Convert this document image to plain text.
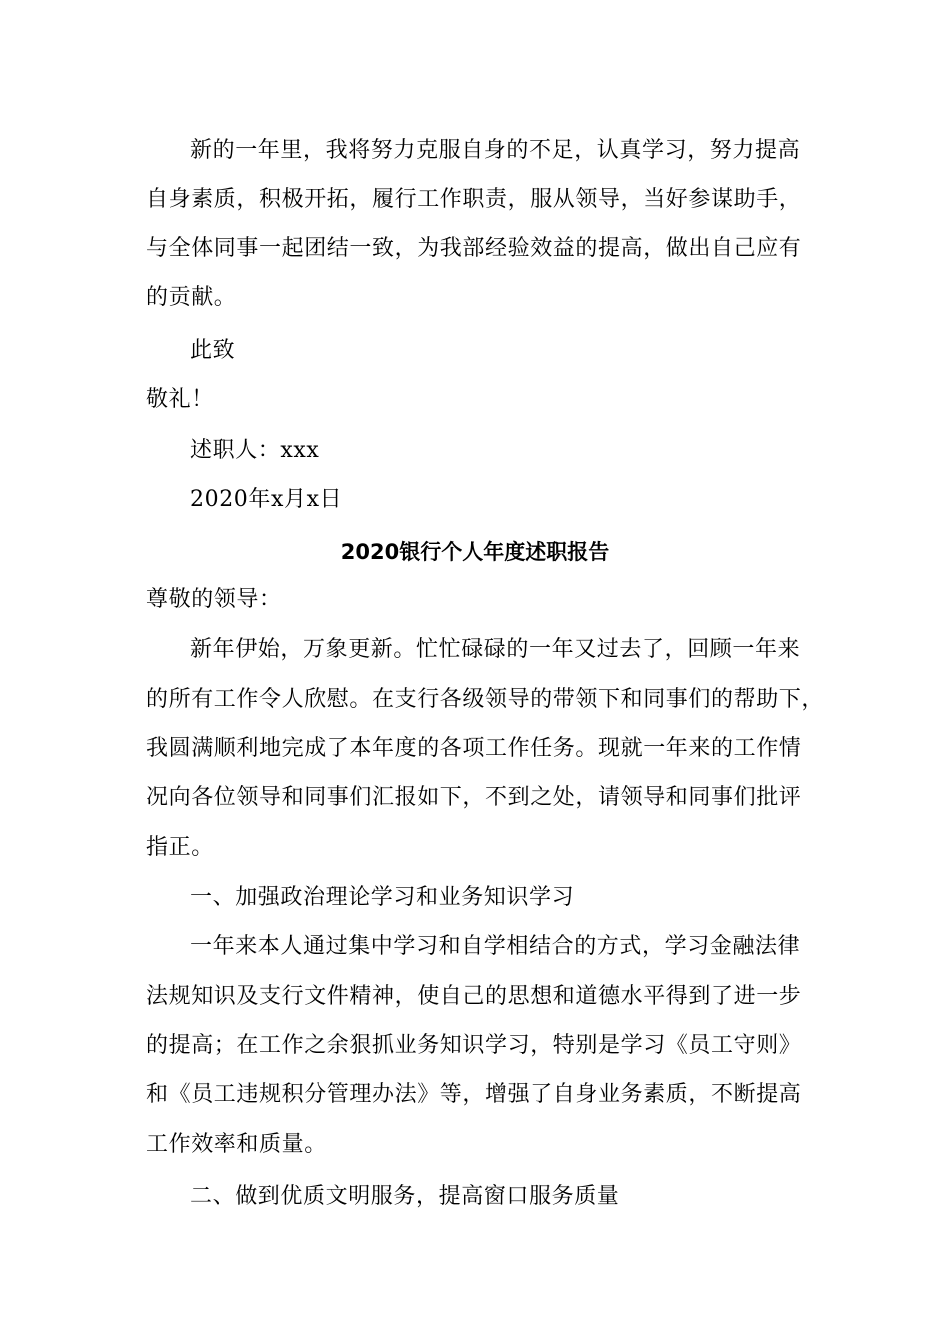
新的一年里，我将努力克服自身的不足，认真学习，努力提高
自身素质，积极开拓，履行工作职责，服从领导，当好参谋助手，
与全体同事一起团结一致，为我部经验效益的提高，做出自己应有
的贡献。
此致
敬礼！
述职人：xxx
2020年x月x日
2020银行个人年度述职报告
尊敬的领导：
新年伊始，万象更新。忙忙碌碌的一年又过去了，回顾一年来
的所有工作令人欣慰。在支行各级领导的带领下和同事们的帮助下，
我圆满顺利地完成了本年度的各项工作任务。现就一年来的工作情
况向各位领导和同事们汇报如下，不到之处，请领导和同事们批评
指正。
一、加强政治理论学习和业务知识学习
一年来本人通过集中学习和自学相结合的方式，学习金融法律
法规知识及支行文件精神，使自己的思想和道德水平得到了进一步
的提高；在工作之余狠抓业务知识学习，特别是学习《员工守则》
和《员工违规积分管理办法》等，增强了自身业务素质，不断提高
工作效率和质量。
二、做到优质文明服务，提高窗口服务质量
